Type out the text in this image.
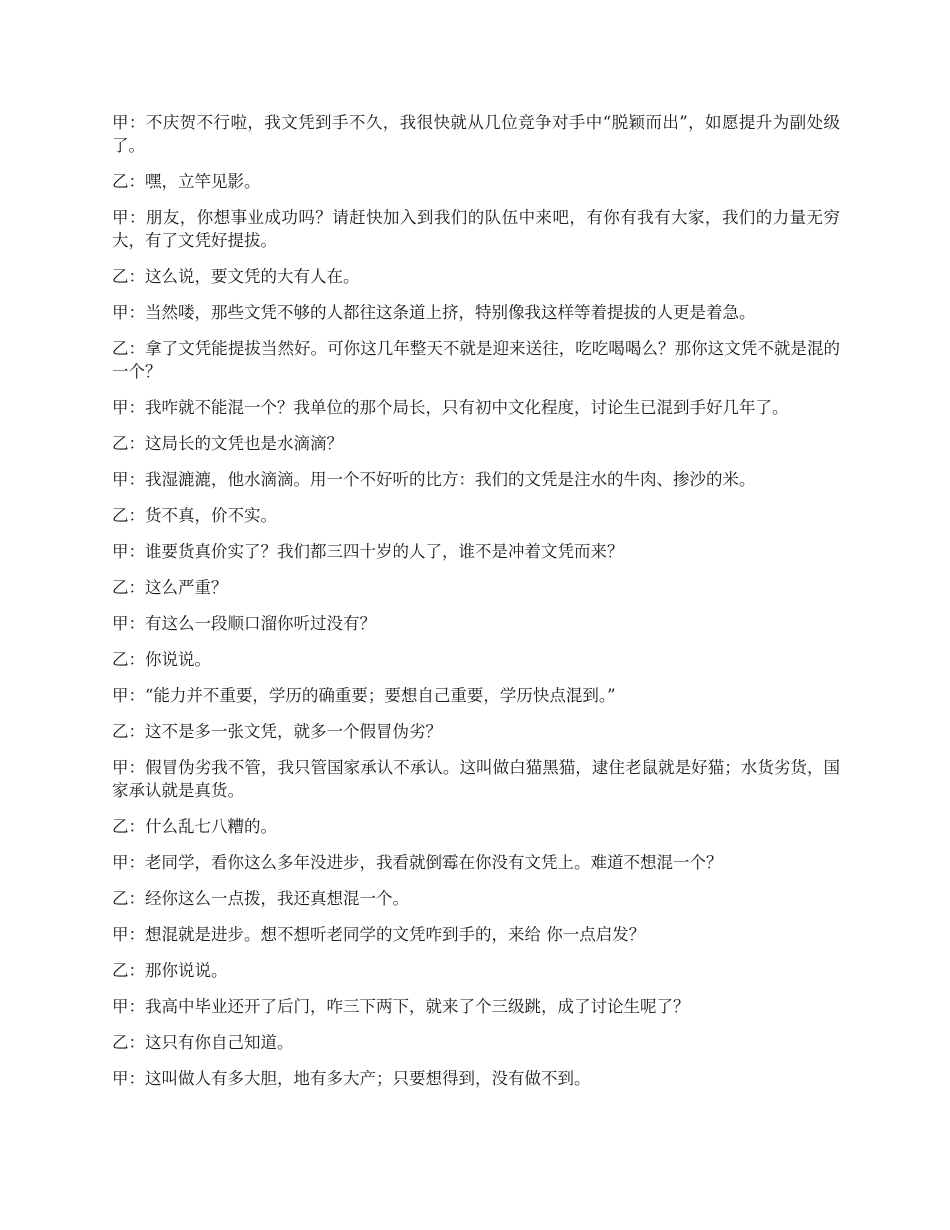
甲：不庆贺不行啦，我文凭到手不久，我很快就从几位竞争对手中“脱颖而出”，如愿提升为副处级了。

乙：嘿，立竿见影。

甲：朋友，你想事业成功吗？请赶快加入到我们的队伍中来吧，有你有我有大家，我们的力量无穷大，有了文凭好提拔。

乙：这么说，要文凭的大有人在。

甲：当然喽，那些文凭不够的人都往这条道上挤，特别像我这样等着提拔的人更是着急。

乙：拿了文凭能提拔当然好。可你这几年整天不就是迎来送往，吃吃喝喝么？那你这文凭不就是混的一个？

甲：我咋就不能混一个？我单位的那个局长，只有初中文化程度，讨论生已混到手好几年了。

乙：这局长的文凭也是水滴滴？

甲：我湿漉漉，他水滴滴。用一个不好听的比方：我们的文凭是注水的牛肉、掺沙的米。

乙：货不真，价不实。

甲：谁要货真价实了？我们都三四十岁的人了，谁不是冲着文凭而来？

乙：这么严重？

甲：有这么一段顺口溜你听过没有？

乙：你说说。

甲：“能力并不重要，学历的确重要；要想自己重要，学历快点混到。”

乙：这不是多一张文凭，就多一个假冒伪劣？

甲：假冒伪劣我不管，我只管国家承认不承认。这叫做白猫黑猫，逮住老鼠就是好猫；水货劣货，国家承认就是真货。

乙：什么乱七八糟的。

甲：老同学，看你这么多年没进步，我看就倒霉在你没有文凭上。难道不想混一个？

乙：经你这么一点拨，我还真想混一个。

甲：想混就是进步。想不想听老同学的文凭咋到手的，来给 你一点启发？

乙：那你说说。

甲：我高中毕业还开了后门，咋三下两下，就来了个三级跳，成了讨论生呢了？

乙：这只有你自己知道。

甲：这叫做人有多大胆，地有多大产；只要想得到，没有做不到。
